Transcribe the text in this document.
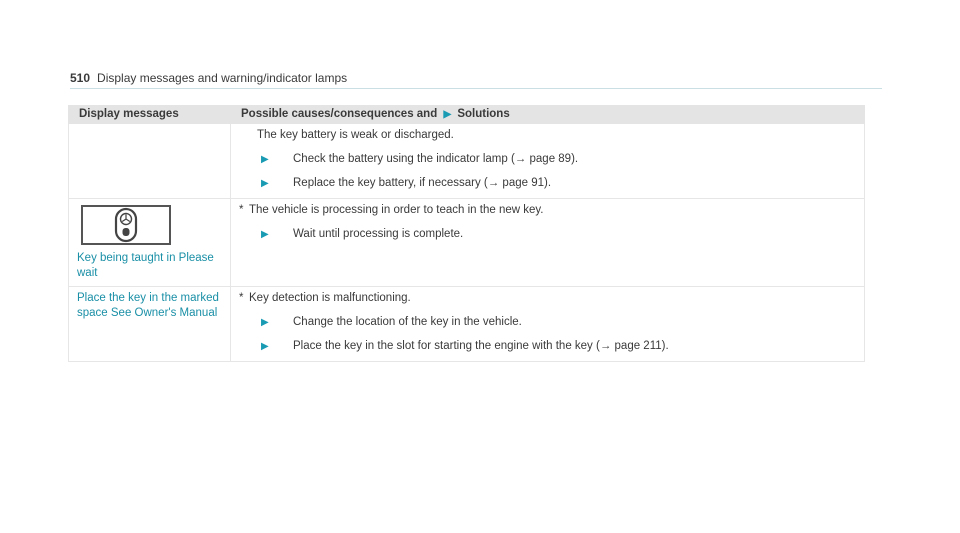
510 Display messages and warning/indicator lamps
Display messages	Possible causes/consequences and ▶ Solutions

	The key battery is weak or discharged.
▶ Check the battery using the indicator lamp (→ page 89).
▶ Replace the key battery, if necessary (→ page 91).

Key being taught in Please wait	* The vehicle is processing in order to teach in the new key.
▶ Wait until processing is complete.

Place the key in the marked space See Owner's Manual	* Key detection is malfunctioning.
▶ Change the location of the key in the vehicle.
▶ Place the key in the slot for starting the engine with the key (→ page 211).
